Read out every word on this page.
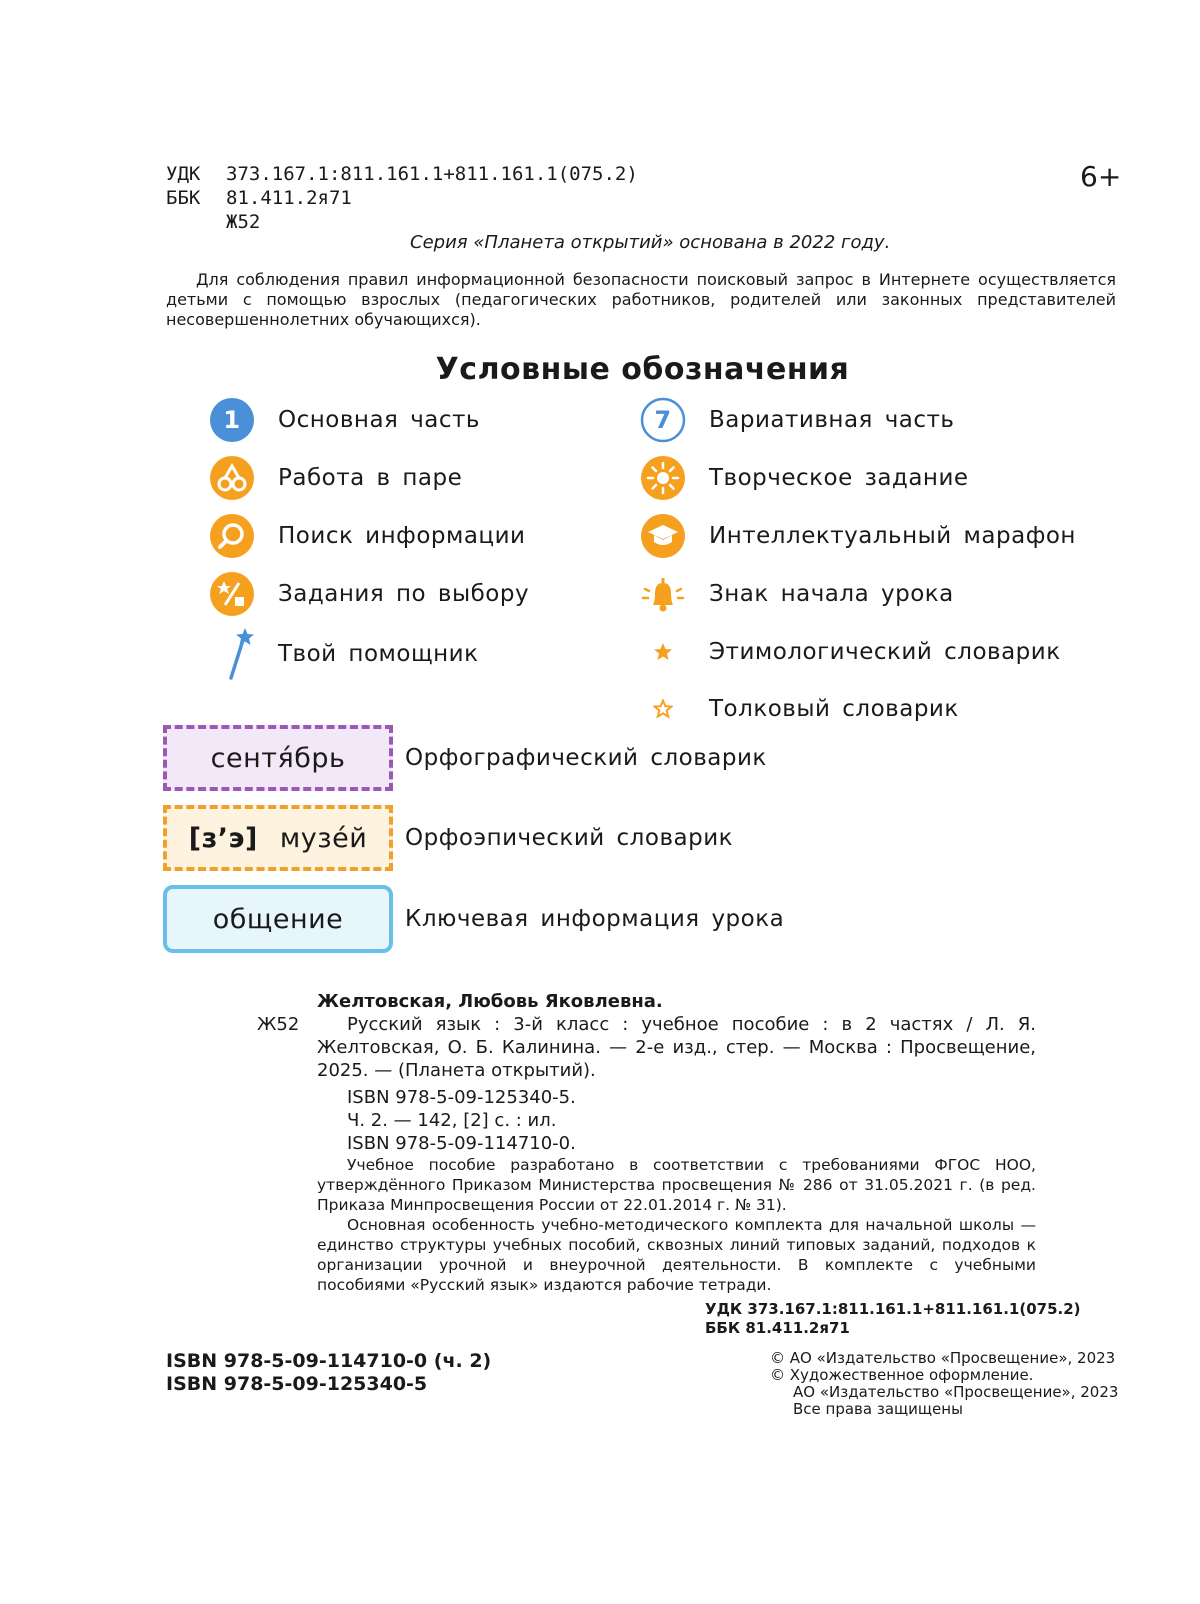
УДК	373.167.1:811.161.1+811.161.1(075.2)
ББК	81.411.2я71
Ж52
6+
Серия «Планета открытий» основана в 2022 году.
Для соблюдения правил информационной безопасности поисковый запрос в Интернете осуществляется детьми с помощью взрослых (педагогических работников, родителей или законных представителей несовершеннолетних обучающихся).
Условные обозначения
1 Основная часть
Работа в паре
Поиск информации
Задания по выбору
Твой помощник
7 Вариативная часть
Творческое задание
Интеллектуальный марафон
Знак начала урока
Этимологический словарик
Толковый словарик
сентя́брь	Орфографический словарик
[з’э] музе́й Орфоэпический словарик
общение	Ключевая информация урока
Желтовская, Любовь Яковлевна.
Ж52	Русский язык : 3-й класс : учебное пособие : в 2 частях / Л. Я. Желтовская, О. Б. Калинина. — 2-е изд., стер. — Москва : Просвещение, 2025. — (Планета открытий).
ISBN 978-5-09-125340-5.
Ч. 2. — 142, [2] с. : ил.
ISBN 978-5-09-114710-0.
Учебное пособие разработано в соответствии с требованиями ФГОС НОО, утверждённого Приказом Министерства просвещения № 286 от 31.05.2021 г. (в ред. Приказа Минпросвещения России от 22.01.2014 г. № 31).
Основная особенность учебно-методического комплекта для начальной школы — единство структуры учебных пособий, сквозных линий типовых заданий, подходов к организации урочной и внеурочной деятельности. В комплекте с учебными пособиями «Русский язык» издаются рабочие тетради.
УДК 373.167.1:811.161.1+811.161.1(075.2)
ББК 81.411.2я71
ISBN 978-5-09-114710-0 (ч. 2)
ISBN 978-5-09-125340-5
© АО «Издательство «Просвещение», 2023
© Художественное оформление.
АО «Издательство «Просвещение», 2023
Все права защищены
